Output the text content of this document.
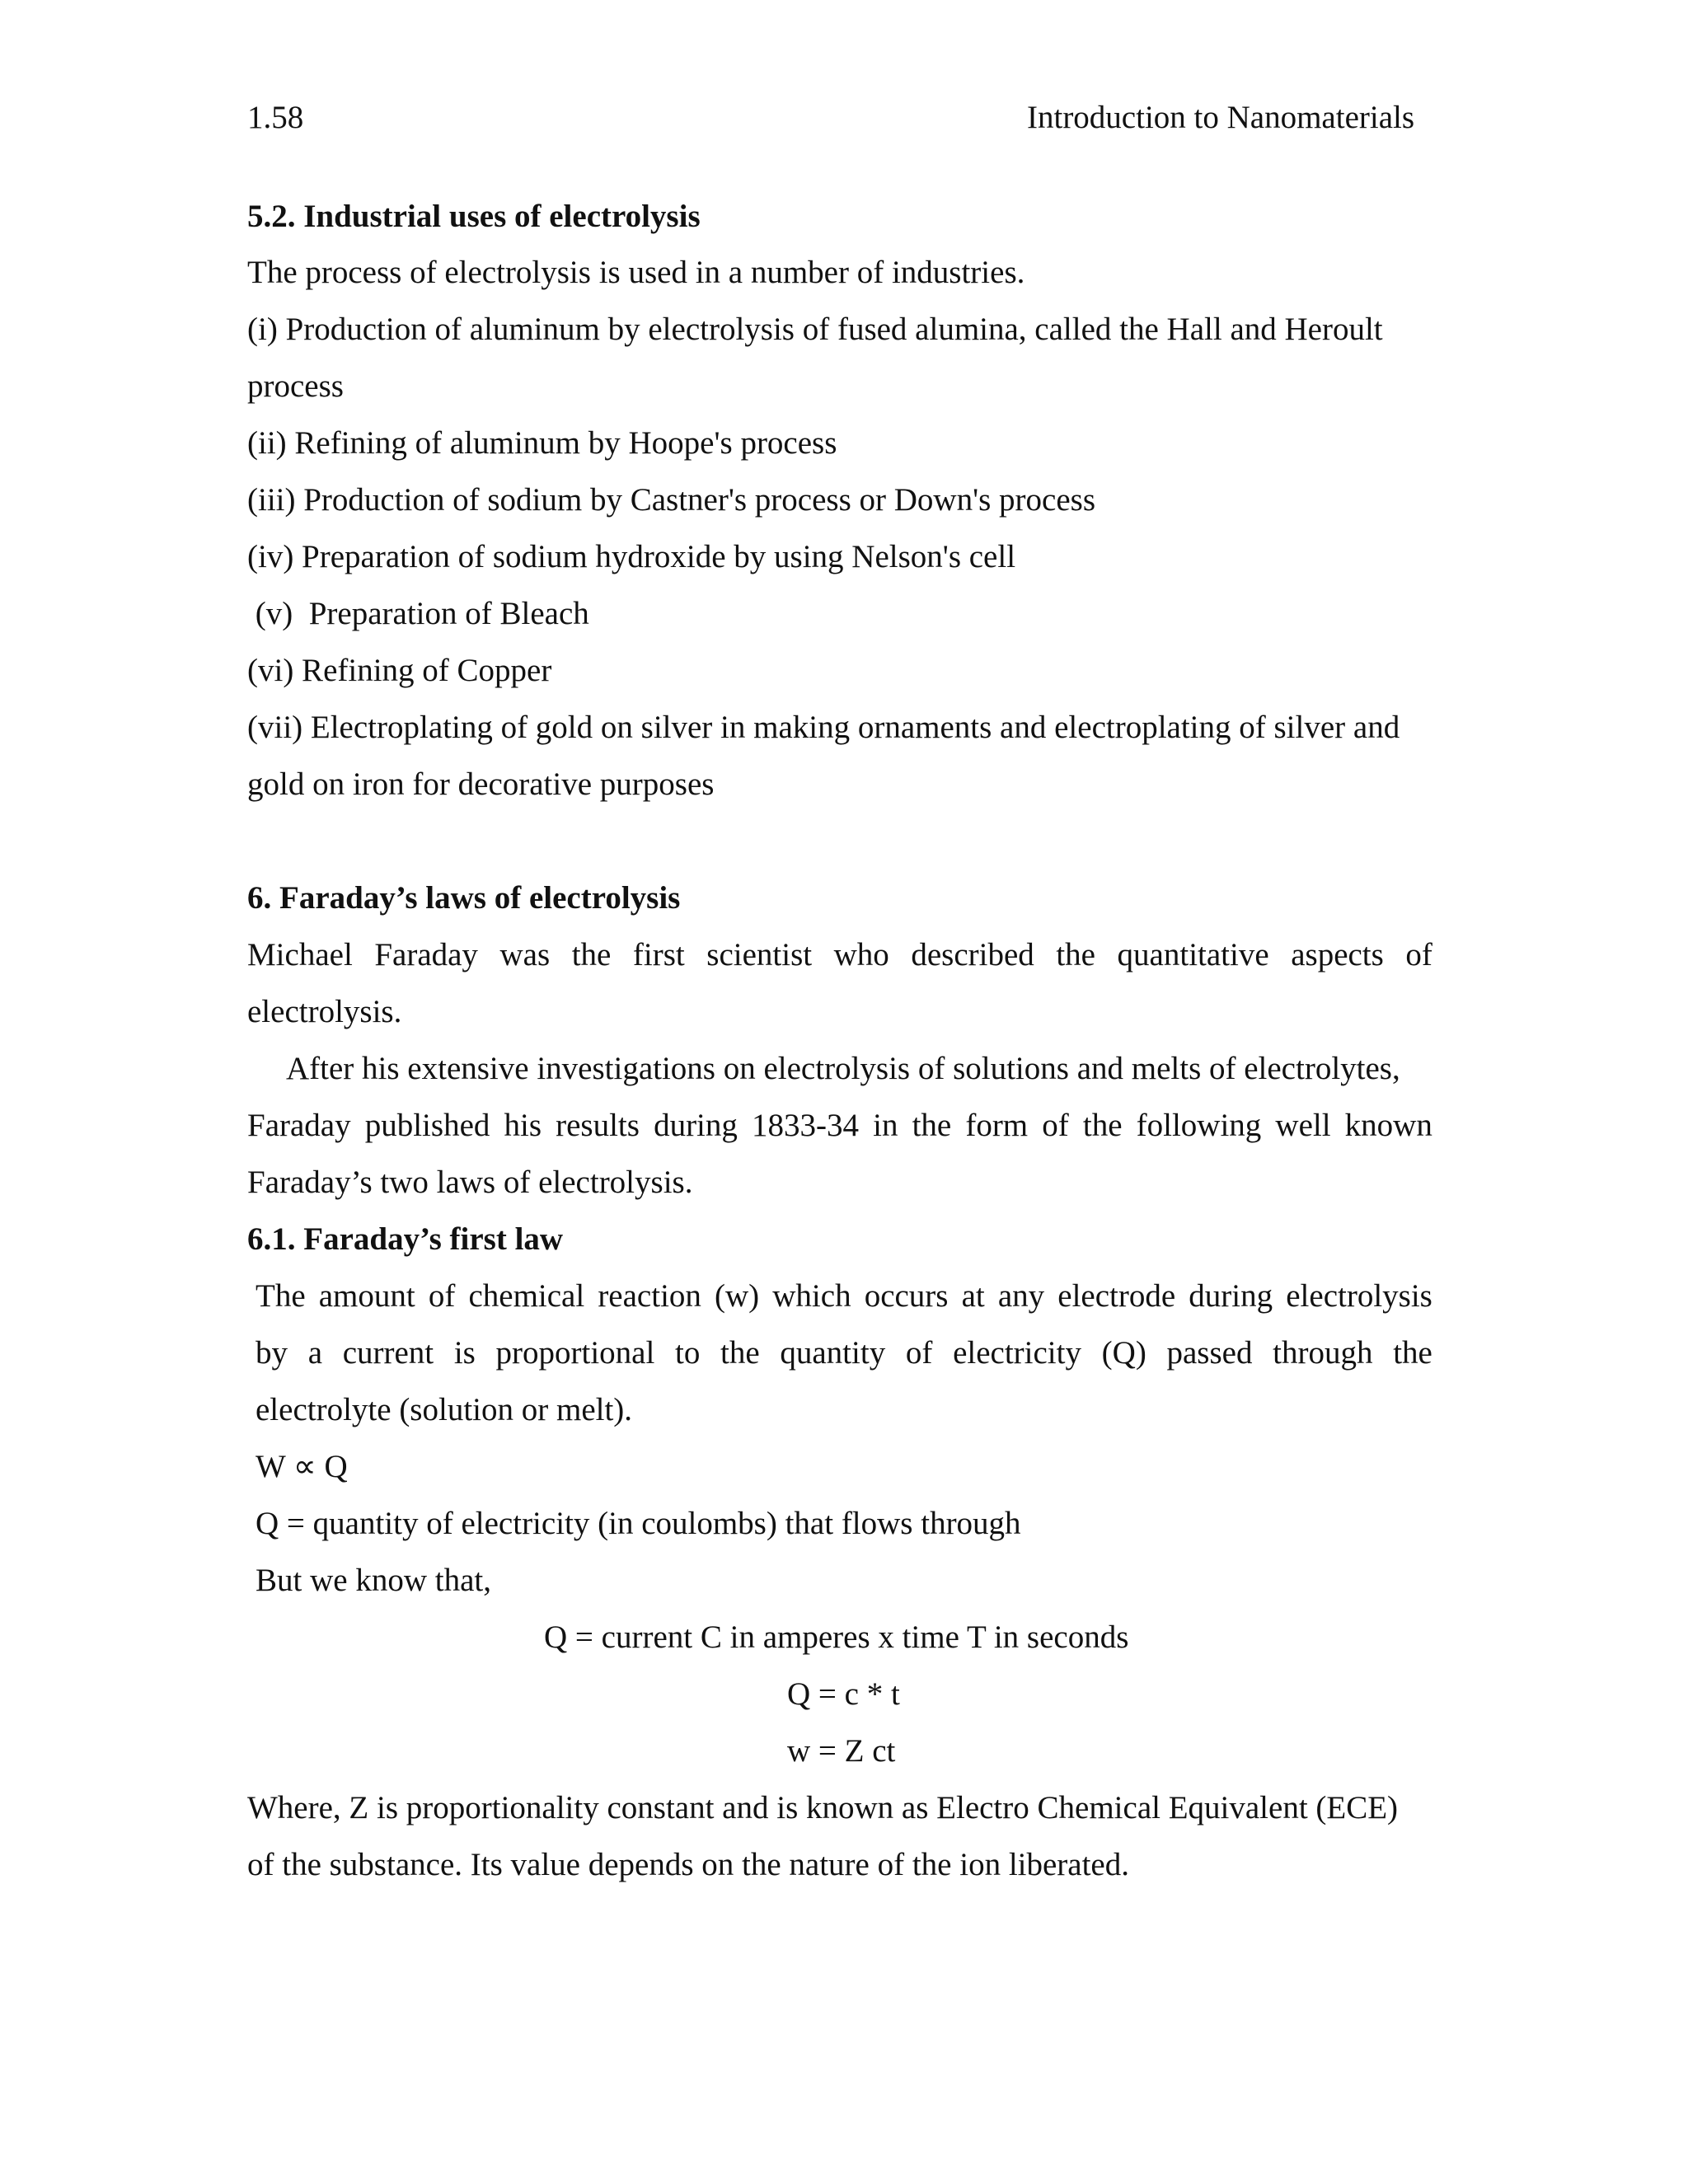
1.58	Introduction to Nanomaterials
5.2. Industrial uses of electrolysis
The process of electrolysis is used in a number of industries.
(i) Production of aluminum by electrolysis of fused alumina, called the Hall and Heroult
process
(ii) Refining of aluminum by Hoope's process
(iii) Production of sodium by Castner's process or Down's process
(iv) Preparation of sodium hydroxide by using Nelson's cell
(v)  Preparation of Bleach
(vi) Refining of Copper
(vii) Electroplating of gold on silver in making ornaments and electroplating of silver and
gold on iron for decorative purposes
6. Faraday’s laws of electrolysis
Michael Faraday was the first scientist who described the quantitative aspects of
electrolysis.
After his extensive investigations on electrolysis of solutions and melts of electrolytes,
Faraday published his results during 1833-34 in the form of the following well known
Faraday’s two laws of electrolysis.
6.1. Faraday’s first law
The amount of chemical reaction (w) which occurs at any electrode during electrolysis
by a current is proportional to the quantity of electricity (Q) passed through the
electrolyte (solution or melt).
W ∝ Q
Q = quantity of electricity (in coulombs) that flows through
But we know that,
Q = current C in amperes x time T in seconds
Q = c * t
w = Z ct
Where, Z is proportionality constant and is known as Electro Chemical Equivalent (ECE)
of the substance. Its value depends on the nature of the ion liberated.
